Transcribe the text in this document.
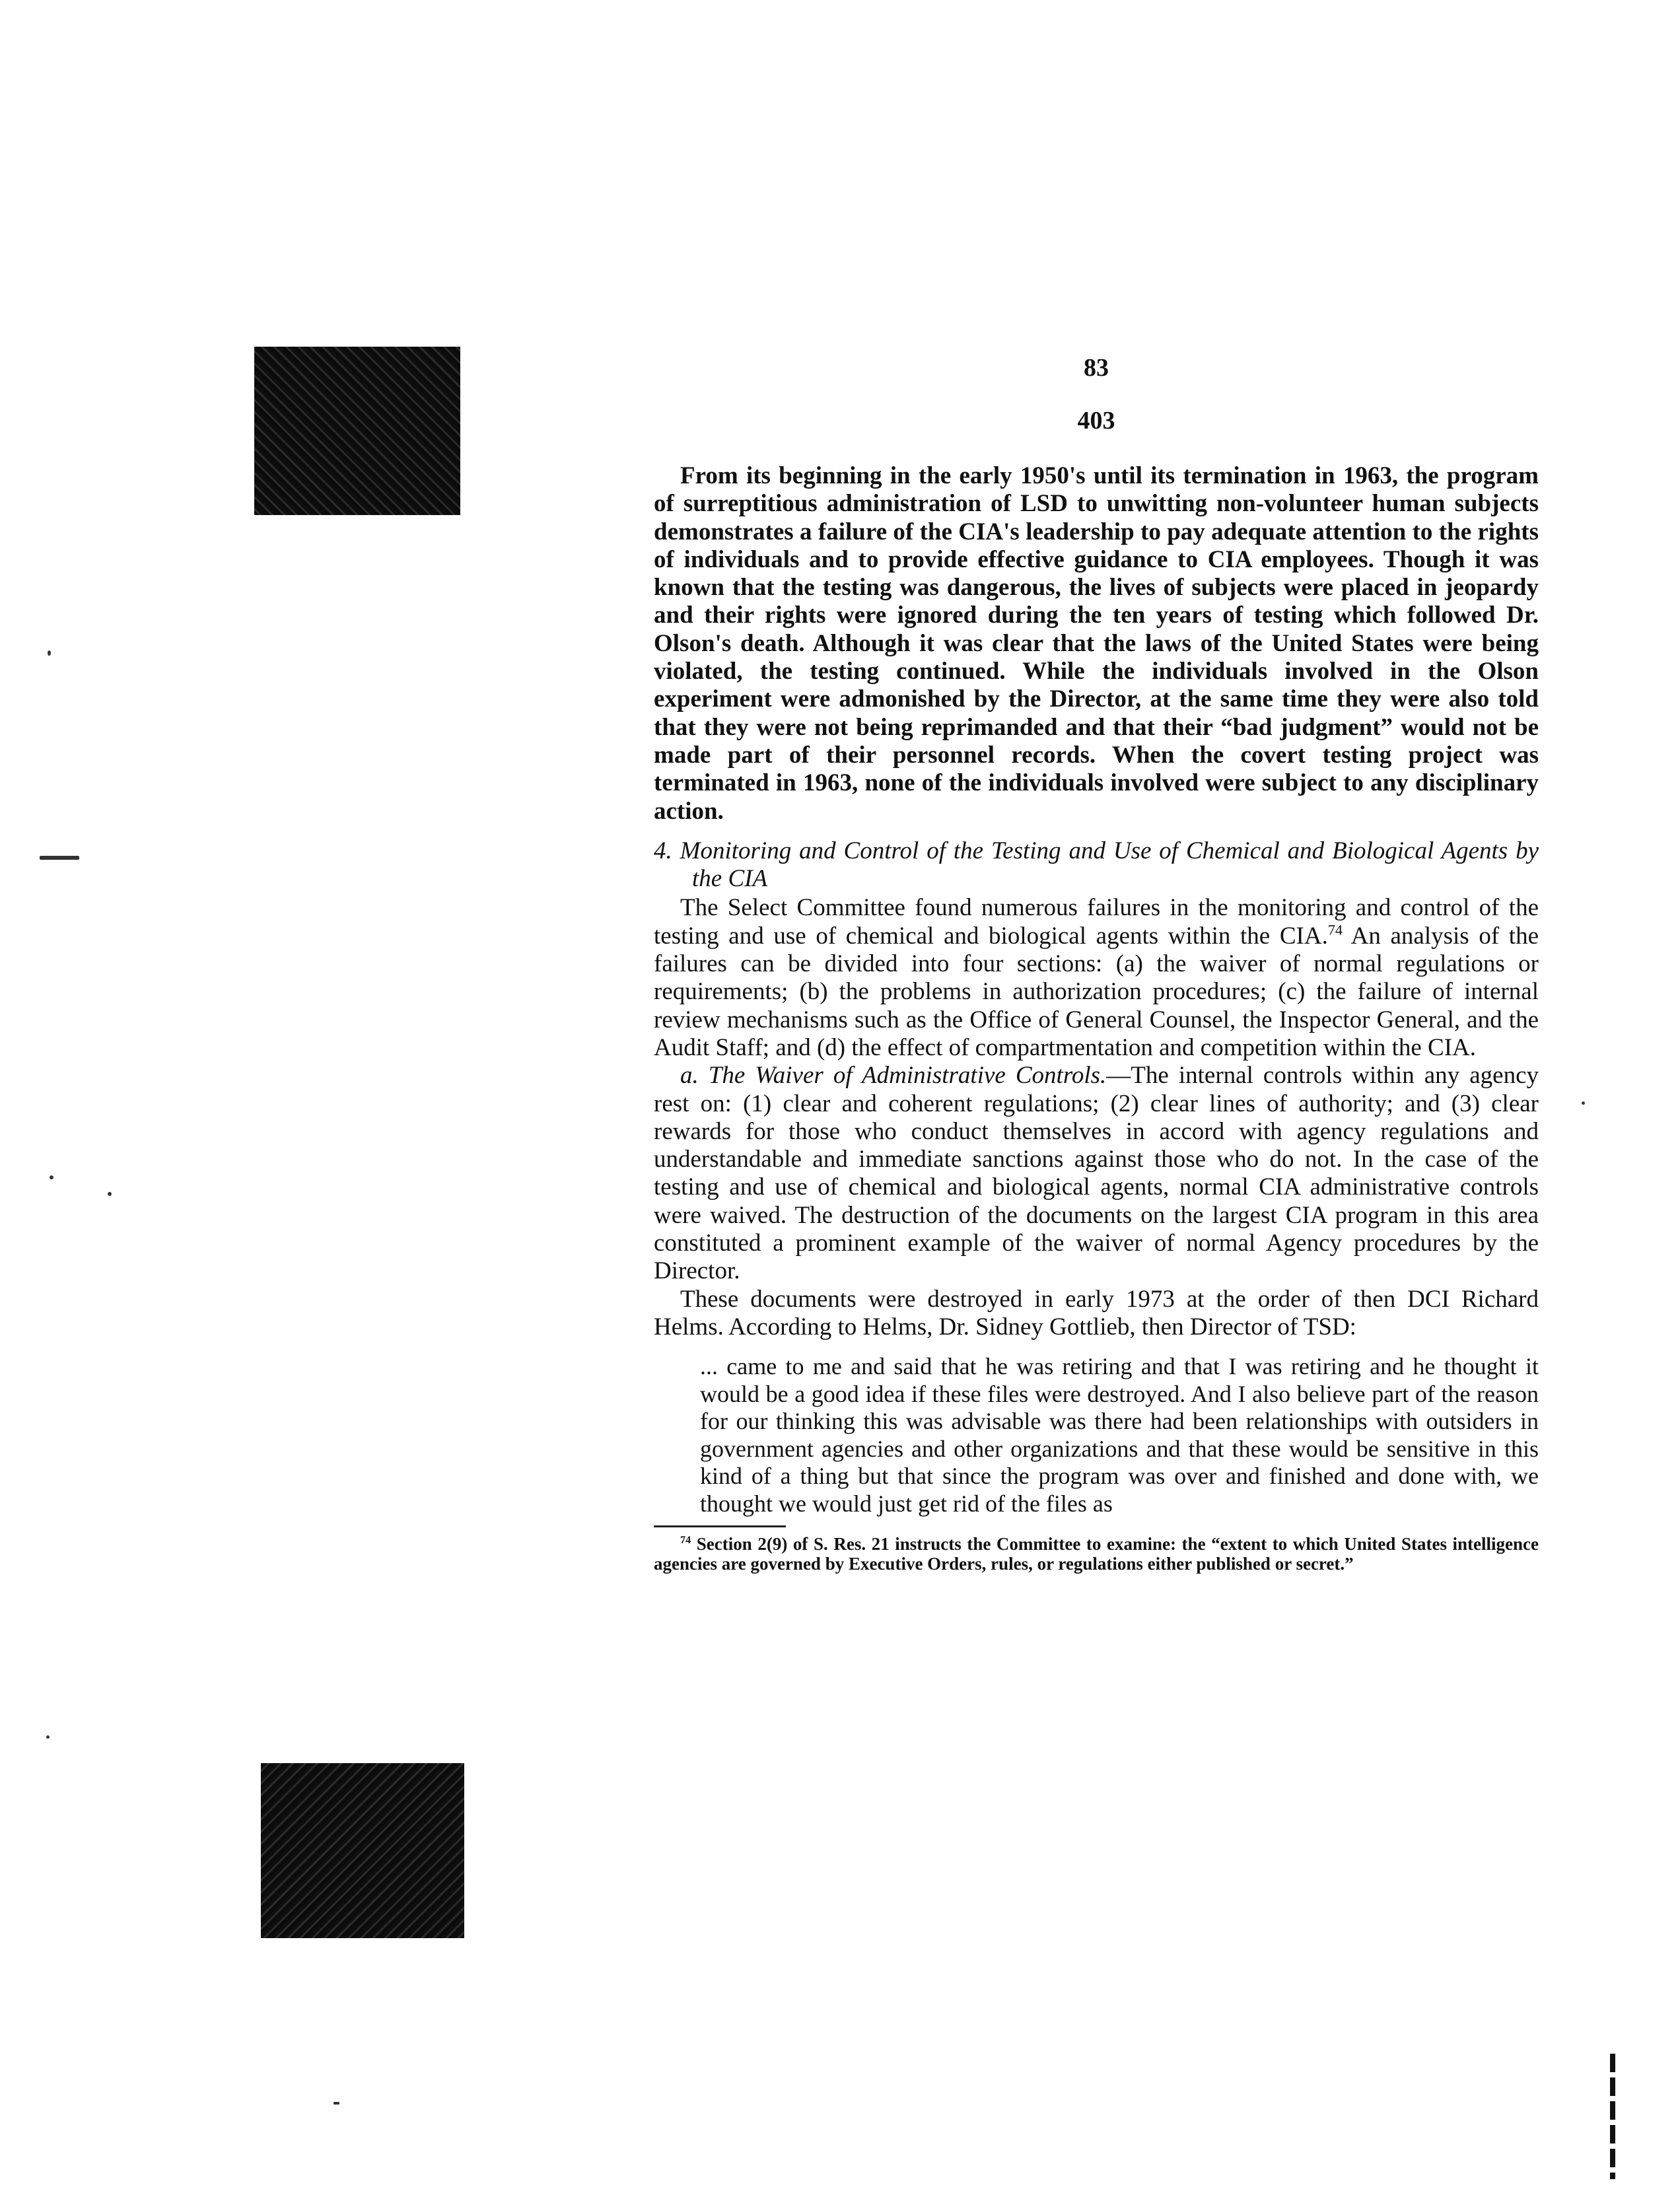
83
403

From its beginning in the early 1950's until its termination in 1963, the program of surreptitious administration of LSD to unwitting non-volunteer human subjects demonstrates a failure of the CIA's leadership to pay adequate attention to the rights of individuals and to provide effective guidance to CIA employees. Though it was known that the testing was dangerous, the lives of subjects were placed in jeopardy and their rights were ignored during the ten years of testing which followed Dr. Olson's death. Although it was clear that the laws of the United States were being violated, the testing continued. While the individuals involved in the Olson experiment were admonished by the Director, at the same time they were also told that they were not being reprimanded and that their “bad judgment” would not be made part of their personnel records. When the covert testing project was terminated in 1963, none of the individuals involved were subject to any disciplinary action.

4. Monitoring and Control of the Testing and Use of Chemical and Biological Agents by the CIA

The Select Committee found numerous failures in the monitoring and control of the testing and use of chemical and biological agents within the CIA.$^{74}$ An analysis of the failures can be divided into four sections: (a) the waiver of normal regulations or requirements; (b) the problems in authorization procedures; (c) the failure of internal review mechanisms such as the Office of General Counsel, the Inspector General, and the Audit Staff; and (d) the effect of compartmentation and competition within the CIA.

a. The Waiver of Administrative Controls.—The internal controls within any agency rest on: (1) clear and coherent regulations; (2) clear lines of authority; and (3) clear rewards for those who conduct themselves in accord with agency regulations and understandable and immediate sanctions against those who do not. In the case of the testing and use of chemical and biological agents, normal CIA administrative controls were waived. The destruction of the documents on the largest CIA program in this area constituted a prominent example of the waiver of normal Agency procedures by the Director.

These documents were destroyed in early 1973 at the order of then DCI Richard Helms. According to Helms, Dr. Sidney Gottlieb, then Director of TSD:

... came to me and said that he was retiring and that I was retiring and he thought it would be a good idea if these files were destroyed. And I also believe part of the reason for our thinking this was advisable was there had been relationships with outsiders in government agencies and other organizations and that these would be sensitive in this kind of a thing but that since the program was over and finished and done with, we thought we would just get rid of the files as

$^{74}$ Section 2(9) of S. Res. 21 instructs the Committee to examine: the “extent to which United States intelligence agencies are governed by Executive Orders, rules, or regulations either published or secret.”
